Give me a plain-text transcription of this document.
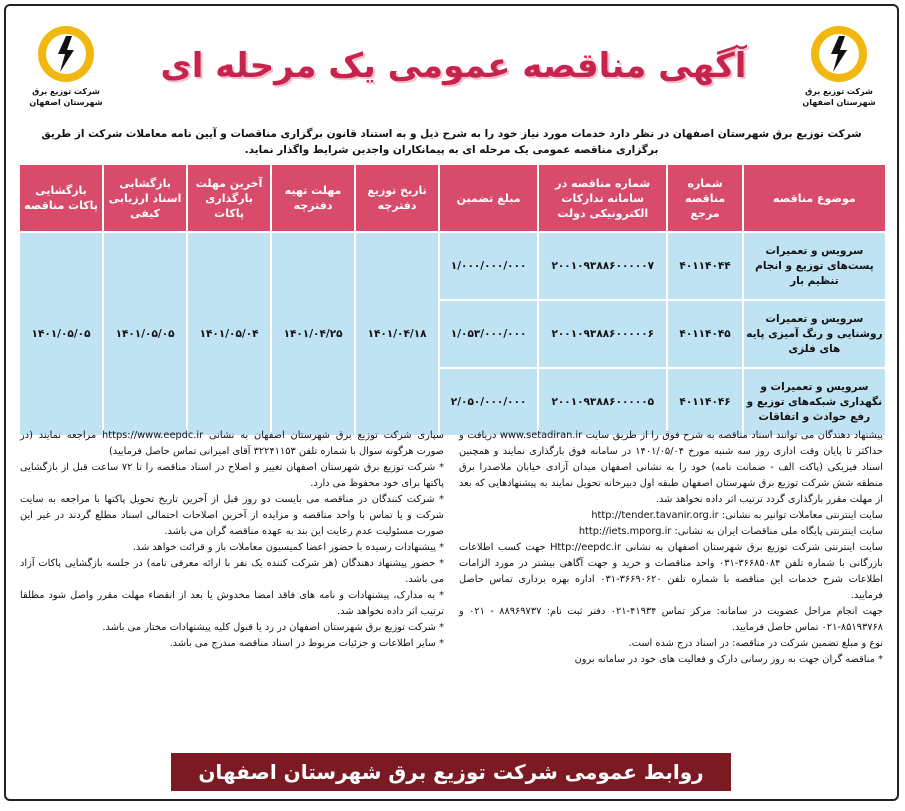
شرکت توزیع برق شهرستان اصفهان
شرکت توزیع برق شهرستان اصفهان
آگهی مناقصه عمومی یک مرحله ای
شرکت توزیع برق شهرستان اصفهان در نظر دارد خدمات مورد نیاز خود را به شرح ذیل و به استناد قانون برگزاری مناقصات و آیین نامه معاملات شرکت از طریق برگزاری مناقصه عمومی یک مرحله ای به پیمانکاران واجدین شرایط واگذار نماید.
موضوع مناقصه	شماره مناقصه مرجع	شماره مناقصه در سامانه تدارکات الکترونیکی دولت	مبلغ تضمین	تاریخ توزیع دفترچه	مهلت تهیه دفترچه	آخرین مهلت بارگذاری پاکات	بازگشایی اسناد ارزیابی کیفی	بازگشایی پاکات مناقصه
سرویس و تعمیرات پست‌های توزیع و انجام تنظیم بار	۴۰۱۱۴۰۴۴	۲۰۰۱۰۹۳۸۸۶۰۰۰۰۰۷	۱/۰۰۰/۰۰۰/۰۰۰	۱۴۰۱/۰۴/۱۸	۱۴۰۱/۰۴/۲۵	۱۴۰۱/۰۵/۰۴	۱۴۰۱/۰۵/۰۵	۱۴۰۱/۰۵/۰۵
سرویس و تعمیرات روشنایی و رنگ آمیزی پایه های فلزی	۴۰۱۱۴۰۴۵	۲۰۰۱۰۹۳۸۸۶۰۰۰۰۰۶	۱/۰۵۳/۰۰۰/۰۰۰					
سرویس و تعمیرات و نگهداری شبکه‌های توزیع و رفع حوادث و اتفاقات	۴۰۱۱۴۰۴۶	۲۰۰۱۰۹۳۸۸۶۰۰۰۰۰۵	۲/۰۵۰/۰۰۰/۰۰۰					

پیشنهاد دهندگان می توانند اسناد مناقصه به شرح فوق را از طریق سایت www.setadiran.ir دریافت و حداکثر تا پایان وقت اداری روز سه شنبه مورخ ۱۴۰۱/۰۵/۰۴ در سامانه فوق بارگذاری نمایند و همچنین اسناد فیزیکی (پاکت الف - ضمانت نامه) خود را به نشانی اصفهان میدان آزادی خیابان ملاصدرا برق منطقه شش شرکت توزیع برق شهرستان اصفهان طبقه اول دبیرخانه تحویل نمایند به پیشنهادهایی که بعد از مهلت مقرر بارگذاری گردد ترتیب اثر داده نخواهد شد.

سایت اینترنتی معاملات توانیر به نشانی: http://tender.tavanir.org.ir

سایت اینترنتی پایگاه ملی مناقصات ایران به نشانی: http://iets.mporg.ir

سایت اینترنتی شرکت توزیع برق شهرستان اصفهان به نشانی Http://eepdc.ir جهت کسب اطلاعات بازرگانی با شماره تلفن ۳۶۶۸۵۰۸۴-۰۳۱ واحد مناقصات و خرید و جهت آگاهی بیشتر در مورد الزامات اطلاعات شرح خدمات این مناقصه با شماره تلفن ۳۶۶۹۰۶۲۰-۰۳۱ اداره بهره برداری تماس حاصل فرمایید.

جهت انجام مراحل عضویت در سامانه: مرکز تماس ۴۱۹۳۴-۰۲۱ دفتر ثبت نام: ۸۸۹۶۹۷۳۷ - ۰۲۱ و ۸۵۱۹۳۷۶۸-۰۲۱ تماس حاصل فرمایید.

نوع و مبلغ تضمین شرکت در مناقصه: در اسناد درج شده است.

* مناقصه گران جهت به روز رسانی دارک و فعالیت های خود در سامانه برون

سپاری شرکت توزیع برق شهرستان اصفهان به نشانی https://www.eepdc.ir مراجعه نمایند (در صورت هرگونه سوال با شماره تلفن ۳۲۲۴۱۱۵۳ آقای امیرانی تماس حاصل فرمایید)

* شرکت توزیع برق شهرستان اصفهان تغییر و اصلاح در اسناد مناقصه را تا ۷۲ ساعت قبل از بازگشایی پاکتها برای خود محفوظ می دارد.

* شرکت کنندگان در مناقصه می بایست دو روز قبل از آخرین تاریخ تحویل پاکتها با مراجعه به سایت شرکت و یا تماس با واحد مناقصه و مزایده از آخرین اصلاحات احتمالی اسناد مطلع گردند در غیر این صورت مسئولیت عدم رعایت این بند به عهده مناقصه گران می باشد.

* پیشنهادات رسیده با حضور اعضا کمیسیون معاملات باز و قرائت خواهد شد.

* حضور پیشنهاد دهندگان (هر شرکت کننده یک نفر با ارائه معرفی نامه) در جلسه بازگشایی پاکات آزاد می باشد.

* به مدارک، پیشنهادات و نامه های فاقد امضا مخدوش یا بعد از انقضاء مهلت مقرر واصل شود مطلقا ترتیب اثر داده نخواهد شد.

* شرکت توزیع برق شهرستان اصفهان در رد یا قبول کلیه پیشنهادات مختار می باشد.

* سایر اطلاعات و جزئیات مربوط در اسناد مناقصه مندرج می باشد.

روابط عمومی شرکت توزیع برق شهرستان اصفهان
